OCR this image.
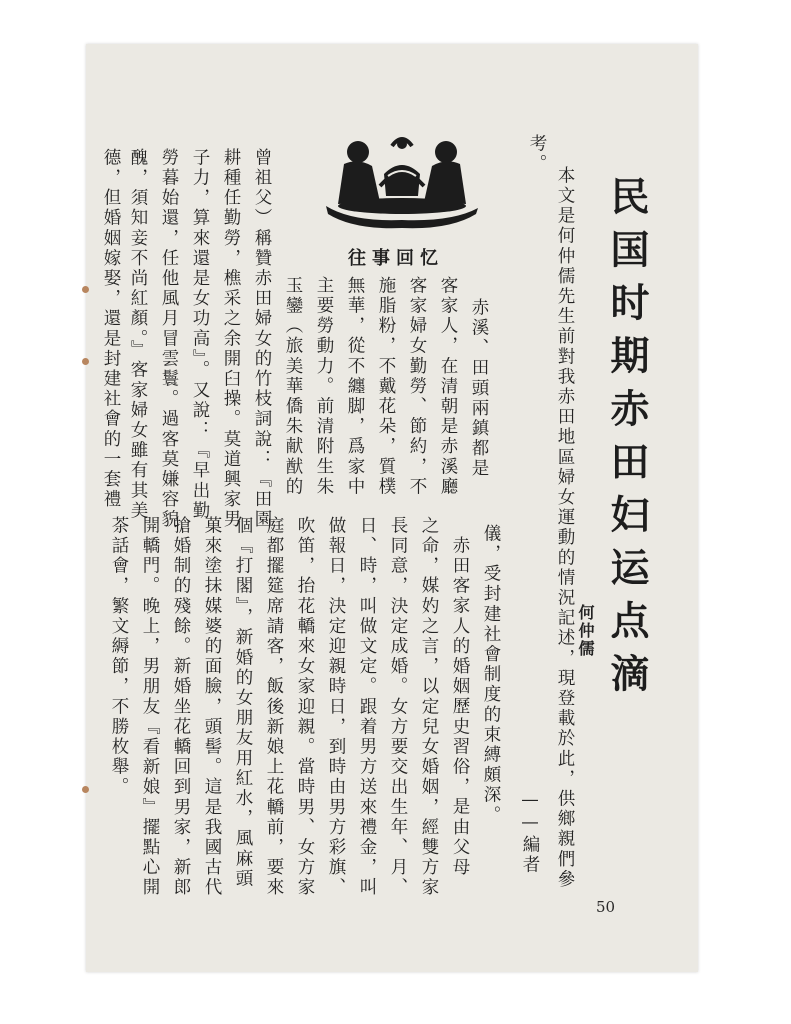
民国时期赤田妇运点滴
何仲儒
本文是何仲儒先生前對我赤田地區婦女運動的情況記述，現登載於此，供鄉親們參
考。
——編者
往事回忆
赤溪、田頭兩鎮都是
客家人，在清朝是赤溪廳
客家婦女勤勞、節約，不
施脂粉，不戴花朵，質樸
無華，從不纏脚，爲家中
主要勞動力。前清附生朱
玉鑾（旅美華僑朱献猷的
曾祖父）稱贊赤田婦女的竹枝詞說：『田園
耕種任勤勞，樵采之余開臼操。莫道興家男
子力，算來還是女功高』。又說：『早出勤
勞暮始還，任他風月冒雲鬟。過客莫嫌容貌
醜，須知妾不尚紅顏。』客家婦女雖有其美
德，但婚姻嫁娶，還是封建社會的一套禮
儀，受封建社會制度的束縛頗深。
赤田客家人的婚姻歷史習俗，是由父母
之命，媒妁之言，以定兒女婚姻，經雙方家
長同意，決定成婚。女方要交出生年、月、
日、時，叫做文定。跟着男方送來禮金，叫
做報日，決定迎親時日，到時由男方彩旗、
吹笛，抬花轎來女家迎親。當時男、女方家
庭都擺筵席請客，飯後新娘上花轎前，要來
個『打閣』，新婚的女朋友用紅水，風麻頭
菓來塗抹媒婆的面臉，頭髻。這是我國古代
搶婚制的殘餘。新婚坐花轎回到男家，新郎
開轎門。晚上，男朋友『看新娘』擺點心開
茶話會，繁文縟節，不勝枚舉。
50
